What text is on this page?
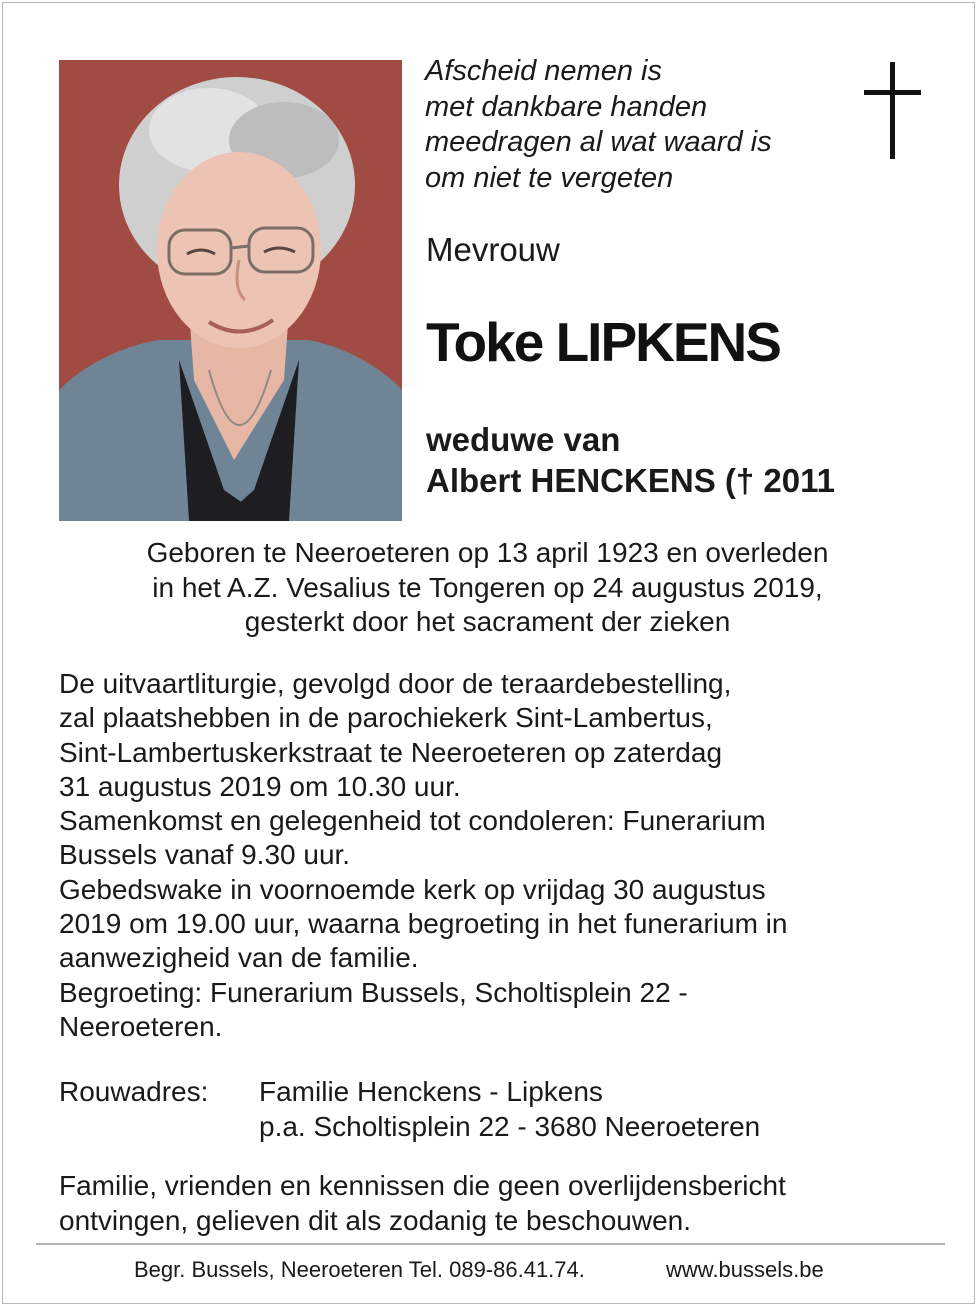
Afscheid nemen is
met dankbare handen
meedragen al wat waard is
om niet te vergeten
Mevrouw
Toke LIPKENS
weduwe van
Albert HENCKENS († 2011
Geboren te Neeroeteren op 13 april 1923 en overleden
in het A.Z. Vesalius te Tongeren op 24 augustus 2019,
gesterkt door het sacrament der zieken
De uitvaartliturgie, gevolgd door de teraardebestelling,
zal plaatshebben in de parochiekerk Sint-Lambertus,
Sint-Lambertuskerkstraat te Neeroeteren op zaterdag
31 augustus 2019 om 10.30 uur.
Samenkomst en gelegenheid tot condoleren: Funerarium
Bussels vanaf 9.30 uur.
Gebedswake in voornoemde kerk op vrijdag 30 augustus
2019 om 19.00 uur, waarna begroeting in het funerarium in
aanwezigheid van de familie.
Begroeting: Funerarium Bussels, Scholtisplein 22 -
Neeroeteren.
Rouwadres: Familie Henckens - Lipkens
p.a. Scholtisplein 22 - 3680 Neeroeteren
Familie, vrienden en kennissen die geen overlijdensbericht
ontvingen, gelieven dit als zodanig te beschouwen.
Begr. Bussels, Neeroeteren Tel. 089-86.41.74.	www.bussels.be
